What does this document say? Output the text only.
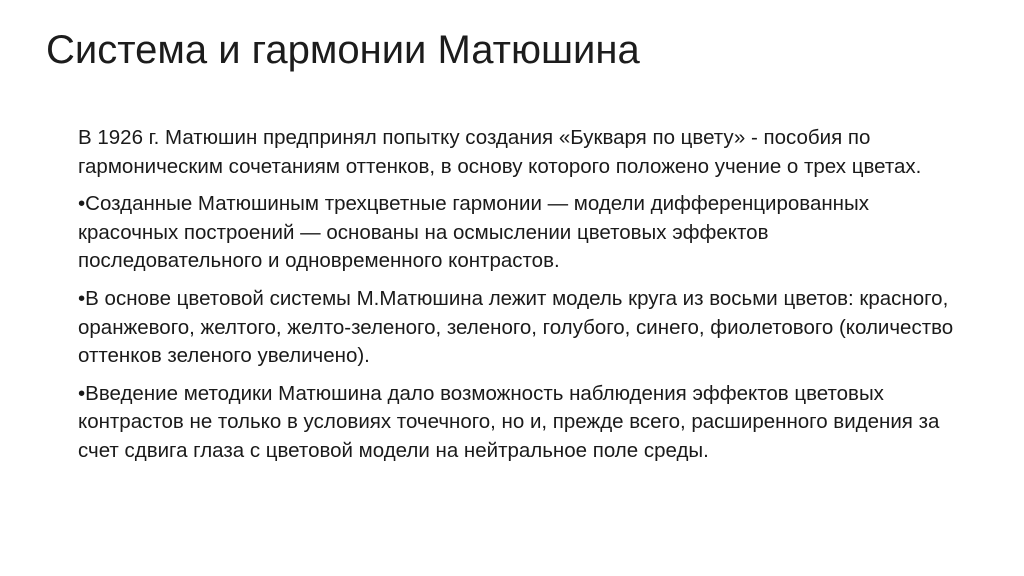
Система и гармонии Матюшина

В 1926 г. Матюшин предпринял попытку создания «Букваря по цвету» - пособия по гармоническим сочетаниям оттенков, в основу которого положено учение о трех цветах.

•Созданные Матюшиным трехцветные гармонии — модели дифференцированных красочных построений — основаны на осмыслении цветовых эффектов последовательного и одновременного контрастов.

•В основе цветовой системы М.Матюшина лежит модель круга из восьми цветов: красного, оранжевого, желтого, желто-зеленого, зеленого, голубого, синего, фиолетового (количество оттенков зеленого увеличено).

•Введение методики Матюшина дало возможность наблюдения эффектов цветовых контрастов не только в условиях точечного, но и, прежде всего, расширенного видения за счет сдвига глаза с цветовой модели на нейтральное поле среды.
